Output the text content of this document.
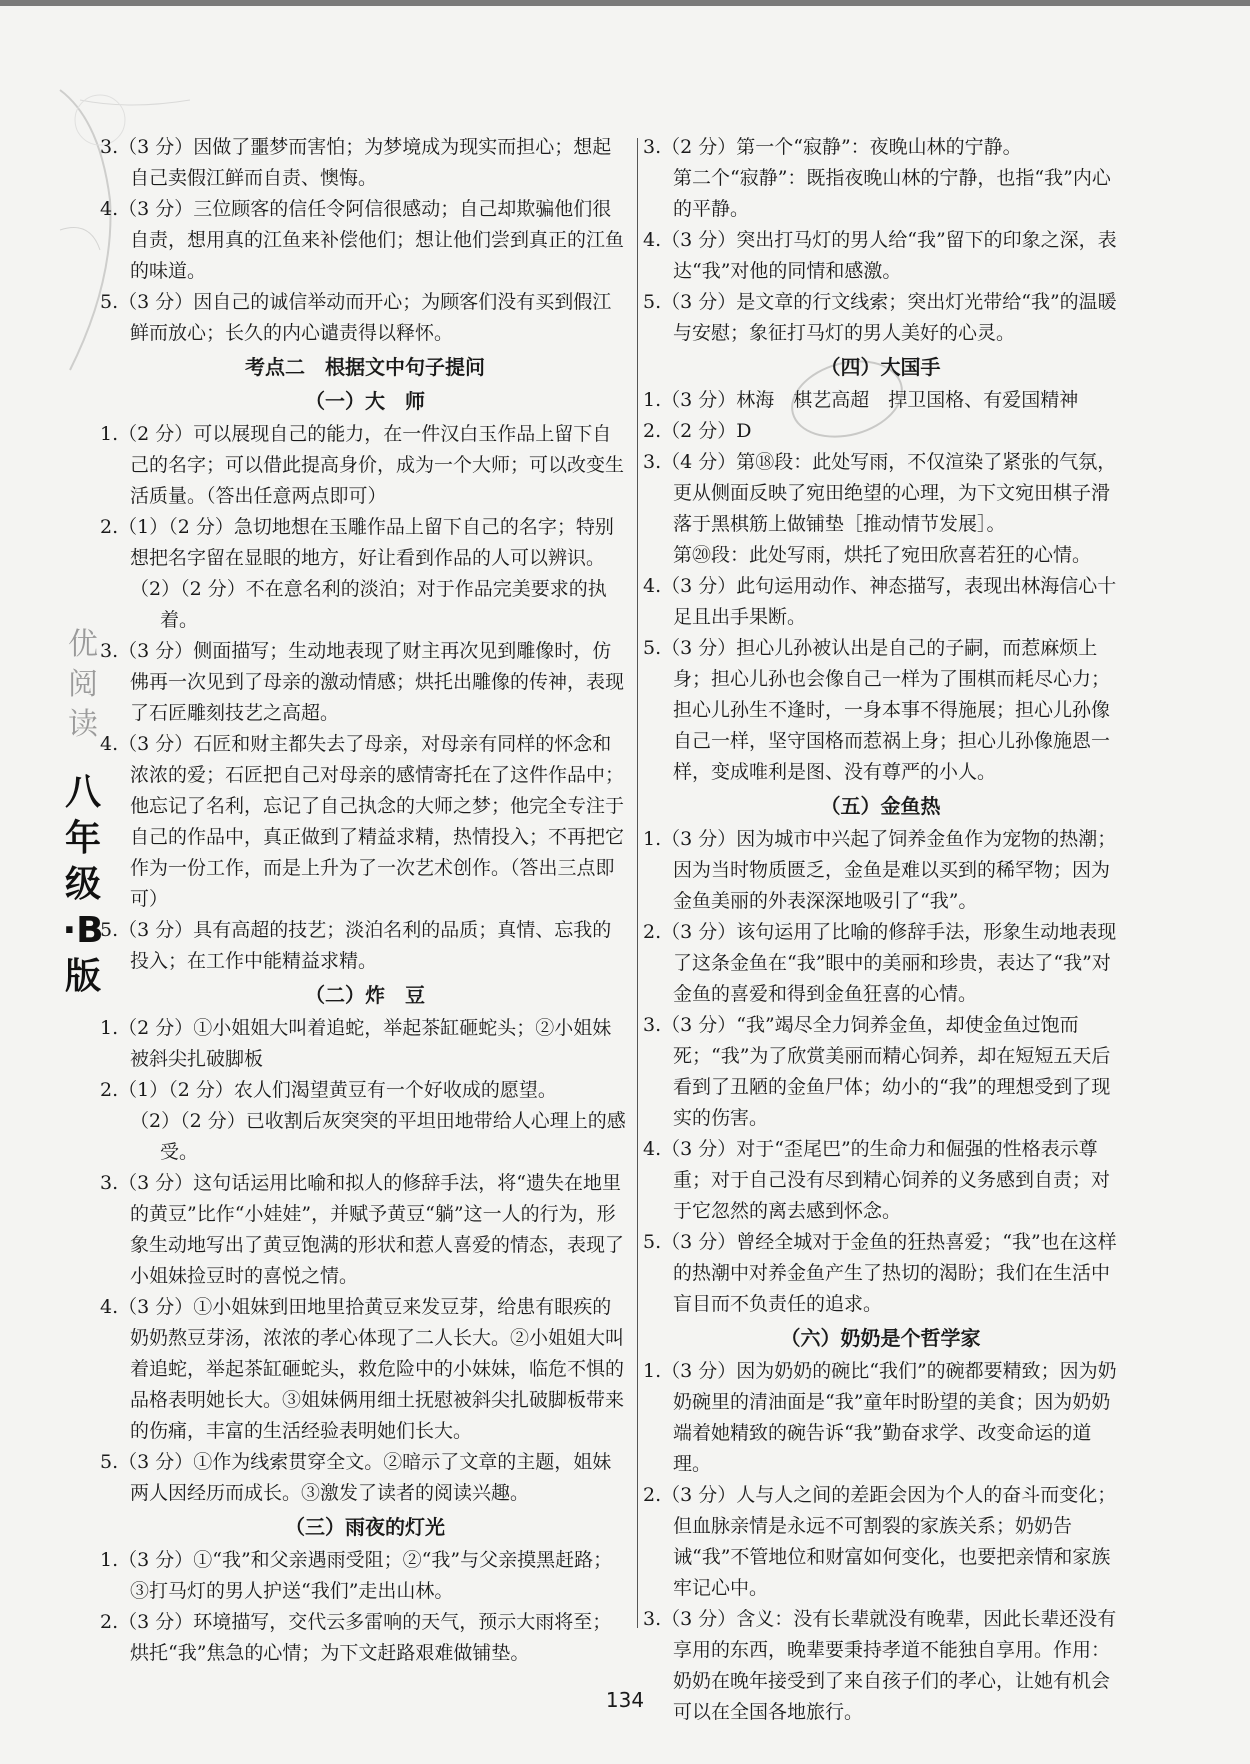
优阅读
八年级·B版

3.（3 分）因做了噩梦而害怕；为梦境成为现实而担心；想起自己卖假江鲜而自责、懊悔。

4.（3 分）三位顾客的信任令阿信很感动；自己却欺骗他们很自责，想用真的江鱼来补偿他们；想让他们尝到真正的江鱼的味道。

5.（3 分）因自己的诚信举动而开心；为顾客们没有买到假江鲜而放心；长久的内心谴责得以释怀。

考点二　根据文中句子提问

（一）大　师

1.（2 分）可以展现自己的能力，在一件汉白玉作品上留下自己的名字；可以借此提高身价，成为一个大师；可以改变生活质量。（答出任意两点即可）

2.（1）（2 分）急切地想在玉雕作品上留下自己的名字；特别想把名字留在显眼的地方，好让看到作品的人可以辨识。

（2）（2 分）不在意名利的淡泊；对于作品完美要求的执着。

3.（3 分）侧面描写；生动地表现了财主再次见到雕像时，仿佛再一次见到了母亲的激动情感；烘托出雕像的传神，表现了石匠雕刻技艺之高超。

4.（3 分）石匠和财主都失去了母亲，对母亲有同样的怀念和浓浓的爱；石匠把自己对母亲的感情寄托在了这件作品中；他忘记了名利，忘记了自己执念的大师之梦；他完全专注于自己的作品中，真正做到了精益求精，热情投入；不再把它作为一份工作，而是上升为了一次艺术创作。（答出三点即可）

5.（3 分）具有高超的技艺；淡泊名利的品质；真情、忘我的投入；在工作中能精益求精。

（二）炸　豆

1.（2 分）①小姐姐大叫着追蛇，举起茶缸砸蛇头；②小姐妹被斜尖扎破脚板

2.（1）（2 分）农人们渴望黄豆有一个好收成的愿望。

（2）（2 分）已收割后灰突突的平坦田地带给人心理上的感受。

3.（3 分）这句话运用比喻和拟人的修辞手法，将“遗失在地里的黄豆”比作“小娃娃”，并赋予黄豆“躺”这一人的行为，形象生动地写出了黄豆饱满的形状和惹人喜爱的情态，表现了小姐妹捡豆时的喜悦之情。

4.（3 分）①小姐妹到田地里拾黄豆来发豆芽，给患有眼疾的奶奶熬豆芽汤，浓浓的孝心体现了二人长大。②小姐姐大叫着追蛇，举起茶缸砸蛇头，救危险中的小妹妹，临危不惧的品格表明她长大。③姐妹俩用细土抚慰被斜尖扎破脚板带来的伤痛，丰富的生活经验表明她们长大。

5.（3 分）①作为线索贯穿全文。②暗示了文章的主题，姐妹两人因经历而成长。③激发了读者的阅读兴趣。

（三）雨夜的灯光

1.（3 分）①“我”和父亲遇雨受阻；②“我”与父亲摸黑赶路；③打马灯的男人护送“我们”走出山林。

2.（3 分）环境描写，交代云多雷响的天气，预示大雨将至；烘托“我”焦急的心情；为下文赶路艰难做铺垫。

3.（2 分）第一个“寂静”：夜晚山林的宁静。

第二个“寂静”：既指夜晚山林的宁静，也指“我”内心的平静。

4.（3 分）突出打马灯的男人给“我”留下的印象之深，表达“我”对他的同情和感激。

5.（3 分）是文章的行文线索；突出灯光带给“我”的温暖与安慰；象征打马灯的男人美好的心灵。

（四）大国手

1.（3 分）林海　棋艺高超　捍卫国格、有爱国精神

2.（2 分）D

3.（4 分）第⑱段：此处写雨，不仅渲染了紧张的气氛，更从侧面反映了宛田绝望的心理，为下文宛田棋子滑落于黑棋筋上做铺垫［推动情节发展］。

第⑳段：此处写雨，烘托了宛田欣喜若狂的心情。

4.（3 分）此句运用动作、神态描写，表现出林海信心十足且出手果断。

5.（3 分）担心儿孙被认出是自己的子嗣，而惹麻烦上身；担心儿孙也会像自己一样为了围棋而耗尽心力；担心儿孙生不逢时，一身本事不得施展；担心儿孙像自己一样，坚守国格而惹祸上身；担心儿孙像施恩一样，变成唯利是图、没有尊严的小人。

（五）金鱼热

1.（3 分）因为城市中兴起了饲养金鱼作为宠物的热潮；因为当时物质匮乏，金鱼是难以买到的稀罕物；因为金鱼美丽的外表深深地吸引了“我”。

2.（3 分）该句运用了比喻的修辞手法，形象生动地表现了这条金鱼在“我”眼中的美丽和珍贵，表达了“我”对金鱼的喜爱和得到金鱼狂喜的心情。

3.（3 分）“我”竭尽全力饲养金鱼，却使金鱼过饱而死；“我”为了欣赏美丽而精心饲养，却在短短五天后看到了丑陋的金鱼尸体；幼小的“我”的理想受到了现实的伤害。

4.（3 分）对于“歪尾巴”的生命力和倔强的性格表示尊重；对于自己没有尽到精心饲养的义务感到自责；对于它忽然的离去感到怀念。

5.（3 分）曾经全城对于金鱼的狂热喜爱；“我”也在这样的热潮中对养金鱼产生了热切的渴盼；我们在生活中盲目而不负责任的追求。

（六）奶奶是个哲学家

1.（3 分）因为奶奶的碗比“我们”的碗都要精致；因为奶奶碗里的清油面是“我”童年时盼望的美食；因为奶奶端着她精致的碗告诉“我”勤奋求学、改变命运的道理。

2.（3 分）人与人之间的差距会因为个人的奋斗而变化；但血脉亲情是永远不可割裂的家族关系；奶奶告诫“我”不管地位和财富如何变化，也要把亲情和家族牢记心中。

3.（3 分）含义：没有长辈就没有晚辈，因此长辈还没有享用的东西，晚辈要秉持孝道不能独自享用。作用：奶奶在晚年接受到了来自孩子们的孝心，让她有机会可以在全国各地旅行。

134
